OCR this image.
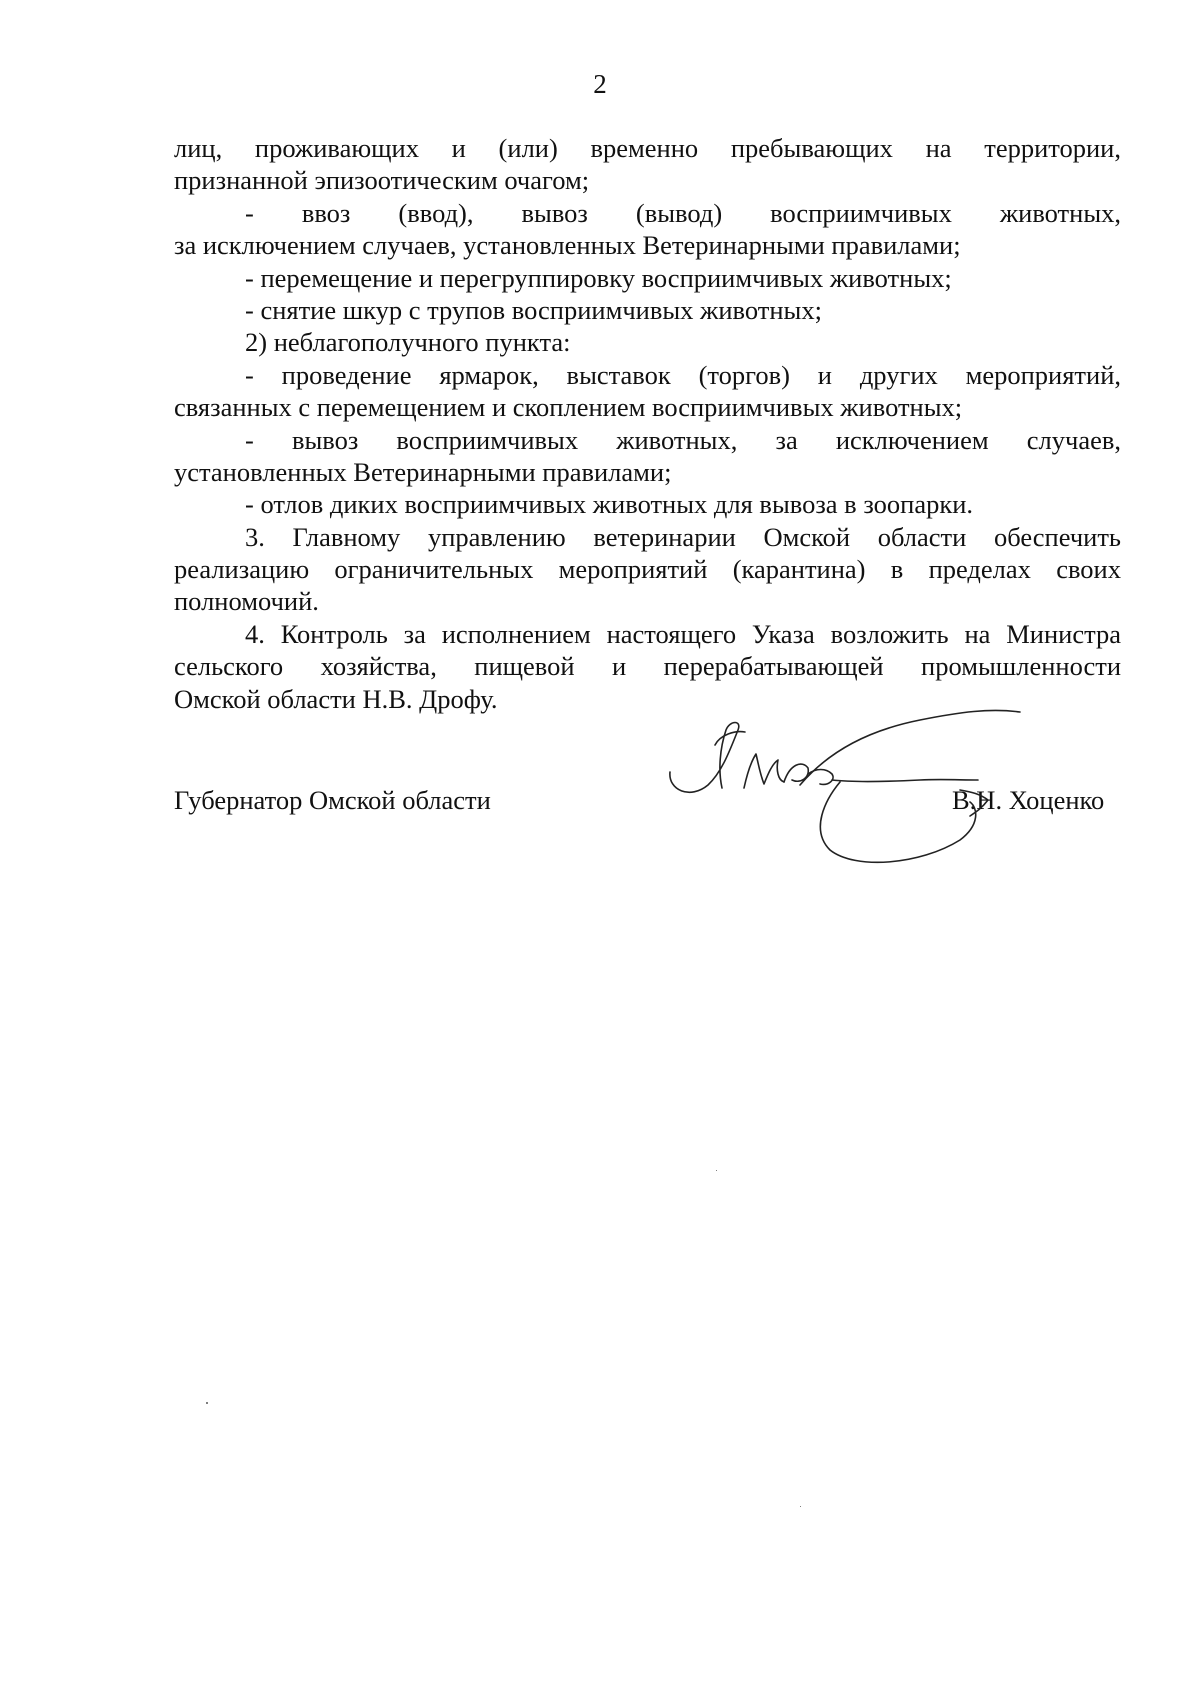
2
лиц, проживающих и (или) временно пребывающих на территории,
признанной эпизоотическим очагом;
- ввоз (ввод), вывоз (вывод) восприимчивых животных,
за исключением случаев, установленных Ветеринарными правилами;
- перемещение и перегруппировку восприимчивых животных;
- снятие шкур с трупов восприимчивых животных;
2) неблагополучного пункта:
- проведение ярмарок, выставок (торгов) и других мероприятий,
связанных с перемещением и скоплением восприимчивых животных;
- вывоз восприимчивых животных, за исключением случаев,
установленных Ветеринарными правилами;
- отлов диких восприимчивых животных для вывоза в зоопарки.
3. Главному управлению ветеринарии Омской области обеспечить
реализацию ограничительных мероприятий (карантина) в пределах своих
полномочий.
4. Контроль за исполнением настоящего Указа возложить на Министра
сельского хозяйства, пищевой и перерабатывающей промышленности
Омской области Н.В. Дрофу.
Губернатор Омской области	В.Н. Хоценко
